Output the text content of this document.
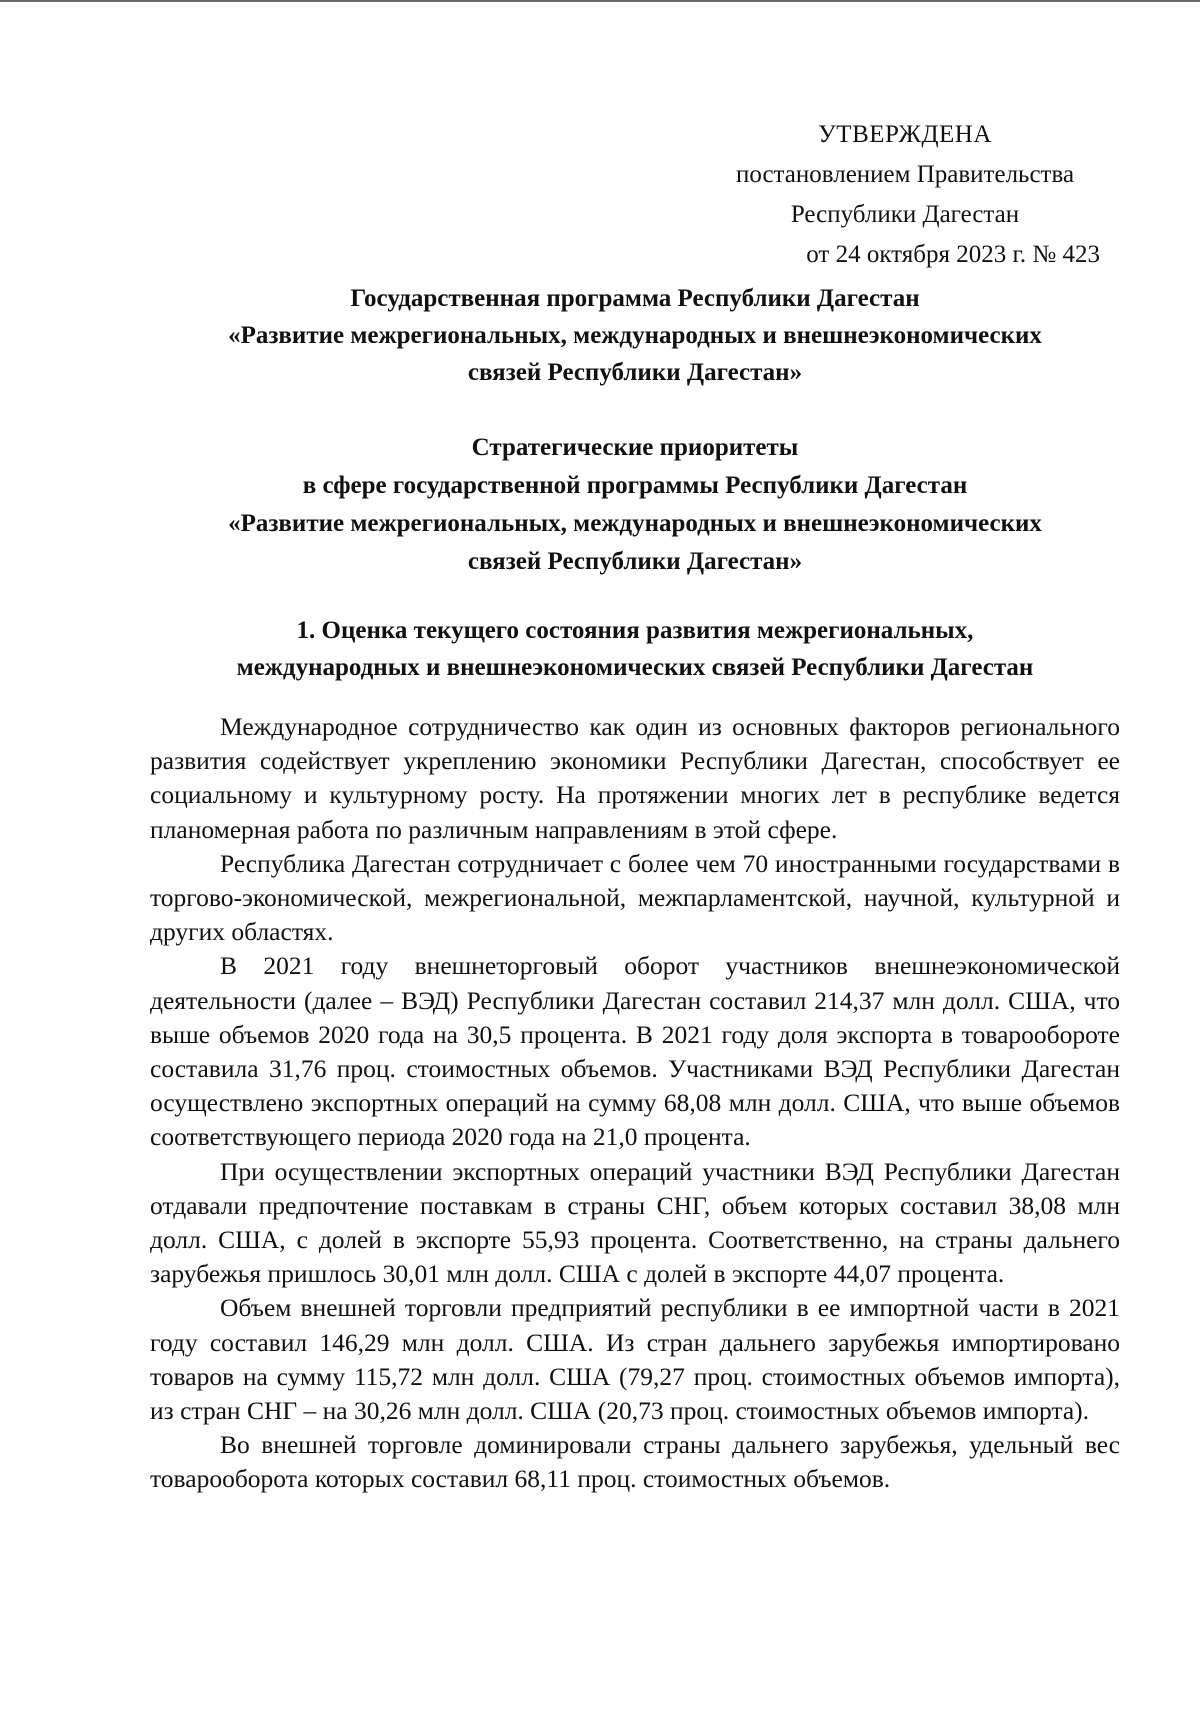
УТВЕРЖДЕНА
постановлением Правительства
Республики Дагестан
от 24 октября 2023 г. № 423
Государственная программа Республики Дагестан
«Развитие межрегиональных, международных и внешнеэкономических
связей Республики Дагестан»
Стратегические приоритеты
в сфере государственной программы Республики Дагестан
«Развитие межрегиональных, международных и внешнеэкономических
связей Республики Дагестан»
1. Оценка текущего состояния развития межрегиональных,
международных и внешнеэкономических связей Республики Дагестан

Международное сотрудничество как один из основных факторов регионального развития содействует укреплению экономики Республики Дагестан, способствует ее социальному и культурному росту. На протяжении многих лет в республике ведется планомерная работа по различным направлениям в этой сфере.

Республика Дагестан сотрудничает с более чем 70 иностранными государствами в торгово-экономической, межрегиональной, межпарламентской, научной, культурной и других областях.

В 2021 году внешнеторговый оборот участников внешнеэкономической деятельности (далее – ВЭД) Республики Дагестан составил 214,37 млн долл. США, что выше объемов 2020 года на 30,5 процента. В 2021 году доля экспорта в товарообороте составила 31,76 проц. стоимостных объемов. Участниками ВЭД Республики Дагестан осуществлено экспортных операций на сумму 68,08 млн долл. США, что выше объемов соответствующего периода 2020 года на 21,0 процента.

При осуществлении экспортных операций участники ВЭД Республики Дагестан отдавали предпочтение поставкам в страны СНГ, объем которых составил 38,08 млн долл. США, с долей в экспорте 55,93 процента. Соответственно, на страны дальнего зарубежья пришлось 30,01 млн долл. США с долей в экспорте 44,07 процента.

Объем внешней торговли предприятий республики в ее импортной части в 2021 году составил 146,29 млн долл. США. Из стран дальнего зарубежья импортировано товаров на сумму 115,72 млн долл. США (79,27 проц. стоимостных объемов импорта), из стран СНГ – на 30,26 млн долл. США (20,73 проц. стоимостных объемов импорта).

Во внешней торговле доминировали страны дальнего зарубежья, удельный вес товарооборота которых составил 68,11 проц. стоимостных объемов.
